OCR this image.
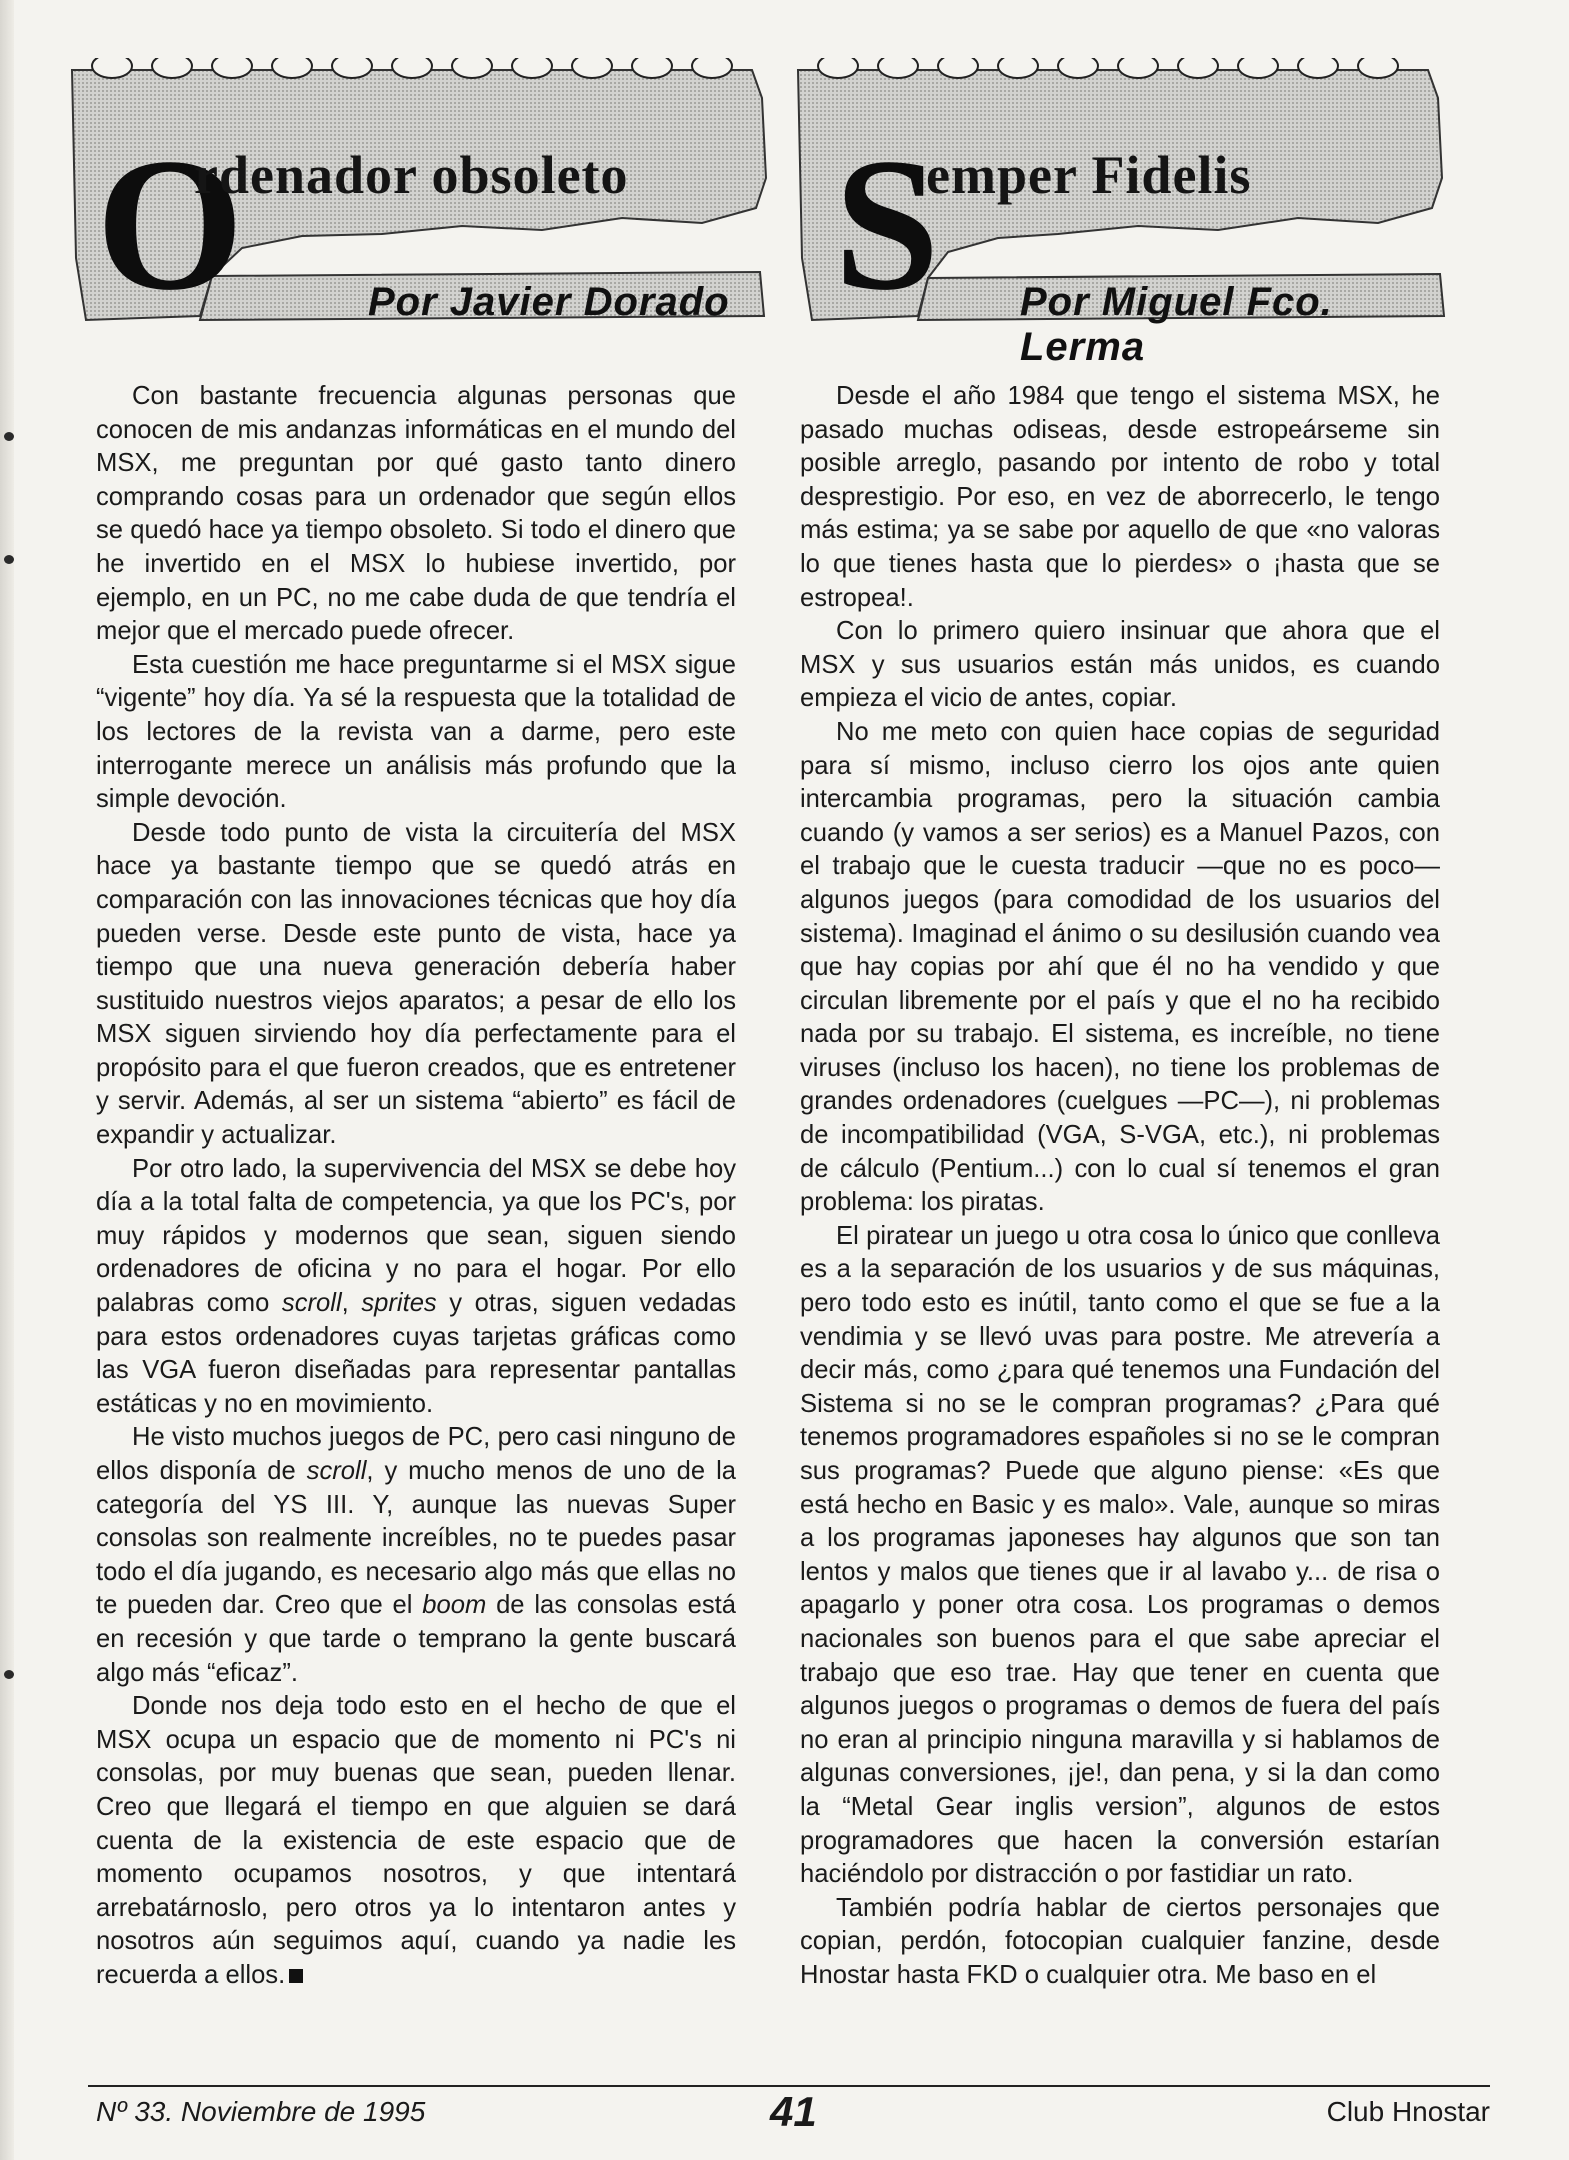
O
rdenador obsoleto
Por Javier Dorado S
emper Fidelis
Por Miguel Fco. Lerma

Con bastante frecuencia algunas personas que conocen de mis andanzas informáticas en el mundo del MSX, me preguntan por qué gasto tanto dinero comprando cosas para un ordenador que según ellos se quedó hace ya tiempo obsoleto. Si todo el dinero que he invertido en el MSX lo hubiese invertido, por ejemplo, en un PC, no me cabe duda de que tendría el mejor que el mercado puede ofrecer.

Esta cuestión me hace preguntarme si el MSX sigue “vigente” hoy día. Ya sé la respuesta que la totalidad de los lectores de la revista van a darme, pero este interrogante merece un análisis más profundo que la simple devoción.

Desde todo punto de vista la circuitería del MSX hace ya bastante tiempo que se quedó atrás en comparación con las innovaciones técnicas que hoy día pueden verse. Desde este punto de vista, hace ya tiempo que una nueva generación debería haber sustituido nuestros viejos aparatos; a pesar de ello los MSX siguen sirviendo hoy día perfectamente para el propósito para el que fueron creados, que es entretener y servir. Además, al ser un sistema “abierto” es fácil de expandir y actualizar.

Por otro lado, la supervivencia del MSX se debe hoy día a la total falta de competencia, ya que los PC's, por muy rápidos y modernos que sean, siguen siendo ordenadores de oficina y no para el hogar. Por ello palabras como scroll, sprites y otras, siguen vedadas para estos ordenadores cuyas tarjetas gráficas como las VGA fueron diseñadas para representar pantallas estáticas y no en movimiento.

He visto muchos juegos de PC, pero casi ninguno de ellos disponía de scroll, y mucho menos de uno de la categoría del YS III. Y, aunque las nuevas Super consolas son realmente increíbles, no te puedes pasar todo el día jugando, es necesario algo más que ellas no te pueden dar. Creo que el boom de las consolas está en recesión y que tarde o temprano la gente buscará algo más “eficaz”.

Donde nos deja todo esto en el hecho de que el MSX ocupa un espacio que de momento ni PC's ni consolas, por muy buenas que sean, pueden llenar. Creo que llegará el tiempo en que alguien se dará cuenta de la existencia de este espacio que de momento ocupamos nosotros, y que intentará arrebatárnoslo, pero otros ya lo intentaron antes y nosotros aún seguimos aquí, cuando ya nadie les recuerda a ellos.

Desde el año 1984 que tengo el sistema MSX, he pasado muchas odiseas, desde estropeárseme sin posible arreglo, pasando por intento de robo y total desprestigio. Por eso, en vez de aborrecerlo, le tengo más estima; ya se sabe por aquello de que «no valoras lo que tienes hasta que lo pierdes» o ¡hasta que se estropea!.

Con lo primero quiero insinuar que ahora que el MSX y sus usuarios están más unidos, es cuando empieza el vicio de antes, copiar.

No me meto con quien hace copias de seguridad para sí mismo, incluso cierro los ojos ante quien intercambia programas, pero la situación cambia cuando (y vamos a ser serios) es a Manuel Pazos, con el trabajo que le cuesta traducir —que no es poco— algunos juegos (para comodidad de los usuarios del sistema). Imaginad el ánimo o su desilusión cuando vea que hay copias por ahí que él no ha vendido y que circulan libremente por el país y que el no ha recibido nada por su trabajo. El sistema, es increíble, no tiene viruses (incluso los hacen), no tiene los problemas de grandes ordenadores (cuelgues —PC—), ni problemas de incompatibilidad (VGA, S-VGA, etc.), ni problemas de cálculo (Pentium...) con lo cual sí tenemos el gran problema: los piratas.

El piratear un juego u otra cosa lo único que conlleva es a la separación de los usuarios y de sus máquinas, pero todo esto es inútil, tanto como el que se fue a la vendimia y se llevó uvas para postre. Me atrevería a decir más, como ¿para qué tenemos una Fundación del Sistema si no se le compran programas? ¿Para qué tenemos programadores españoles si no se le compran sus programas? Puede que alguno piense: «Es que está hecho en Basic y es malo». Vale, aunque so miras a los programas japoneses hay algunos que son tan lentos y malos que tienes que ir al lavabo y... de risa o apagarlo y poner otra cosa. Los programas o demos nacionales son buenos para el que sabe apreciar el trabajo que eso trae. Hay que tener en cuenta que algunos juegos o programas o demos de fuera del país no eran al principio ninguna maravilla y si hablamos de algunas conversiones, ¡je!, dan pena, y si la dan como la “Metal Gear inglis version”, algunos de estos programadores que hacen la conversión estarían haciéndolo por distracción o por fastidiar un rato.

También podría hablar de ciertos personajes que copian, perdón, fotocopian cualquier fanzine, desde Hnostar hasta FKD o cualquier otra. Me baso en el

Nº 33. Noviembre de 1995	41	Club Hnostar
